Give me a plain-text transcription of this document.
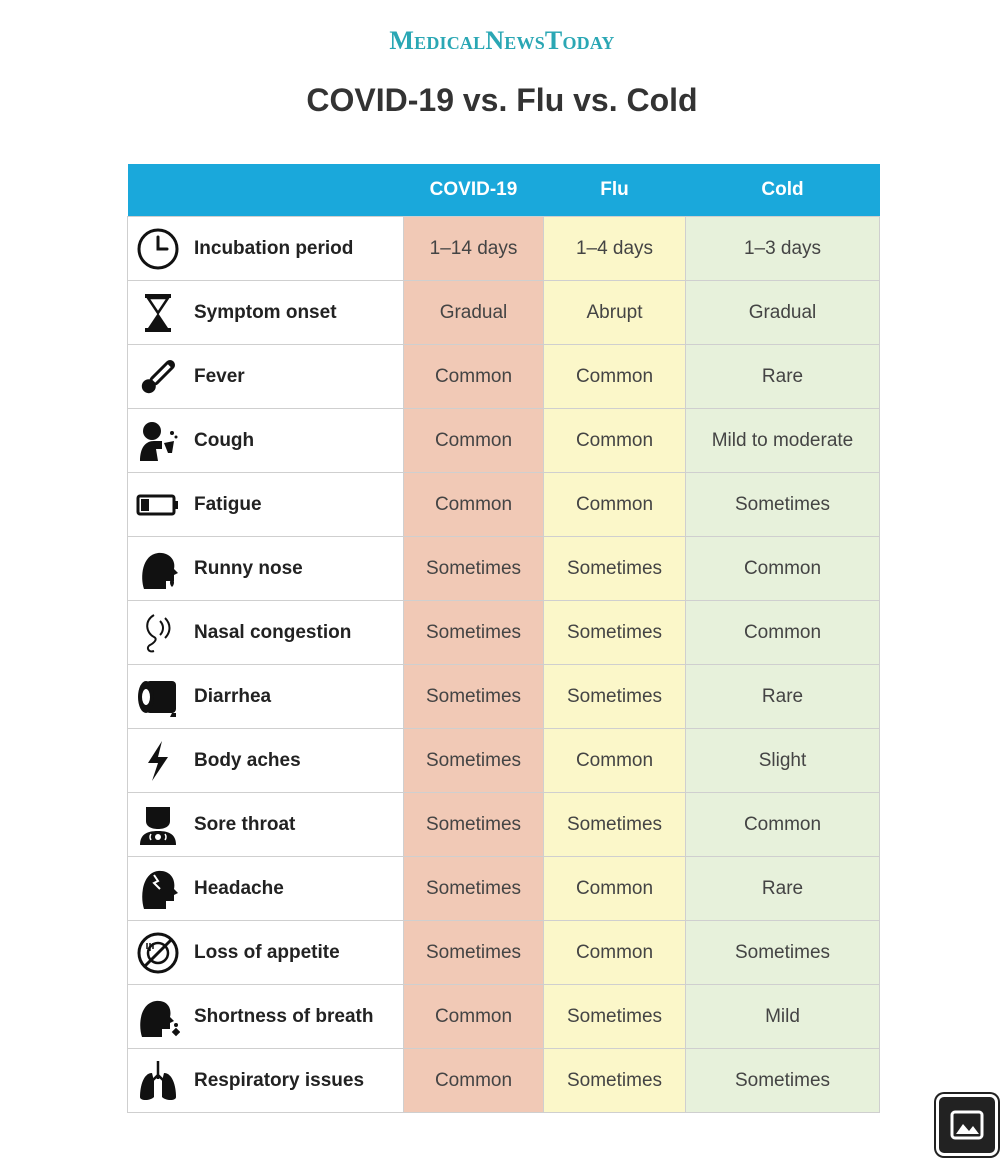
MedicalNewsToday
COVID-19 vs. Flu vs. Cold
	COVID-19	Flu	Cold

Incubation period	1–14 days	1–4 days	1–3 days

Symptom onset	Gradual	Abrupt	Gradual

Fever	Common	Common	Rare

Cough	Common	Common	Mild to moderate

Fatigue	Common	Common	Sometimes

Runny nose	Sometimes	Sometimes	Common

Nasal congestion	Sometimes	Sometimes	Common

Diarrhea	Sometimes	Sometimes	Rare

Body aches	Sometimes	Common	Slight

Sore throat	Sometimes	Sometimes	Common

Headache	Sometimes	Common	Rare

Loss of appetite	Sometimes	Common	Sometimes

Shortness of breath	Common	Sometimes	Mild

Respiratory issues	Common	Sometimes	Sometimes
